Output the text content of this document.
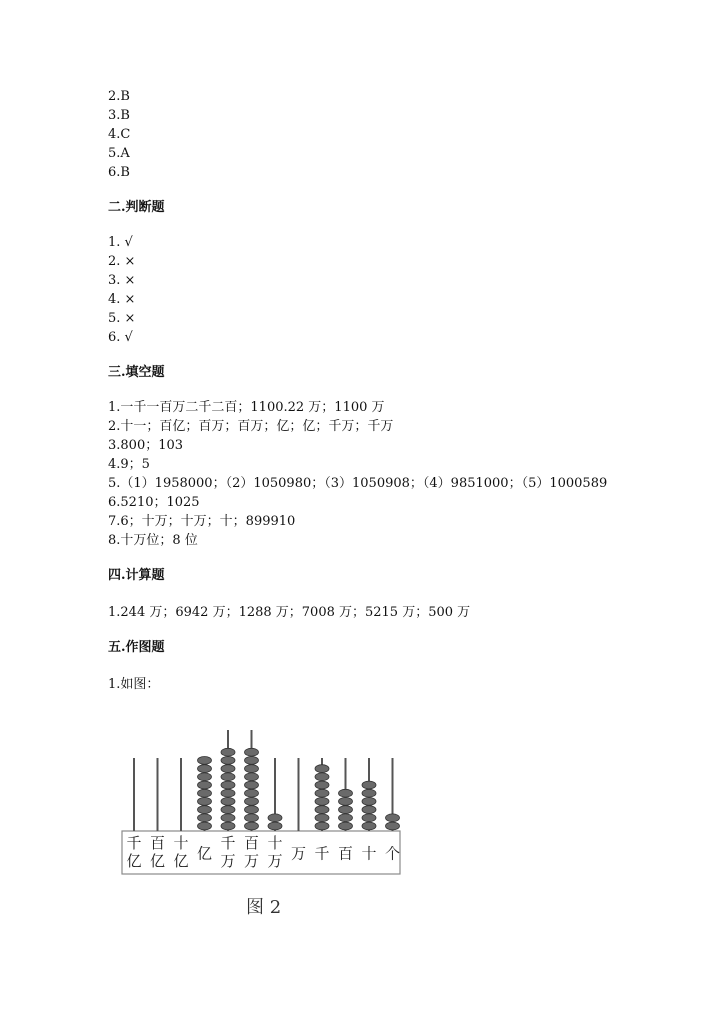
2.B
3.B
4.C
5.A
6.B
二.判断题
1. √
2. ×
3. ×
4. ×
5. ×
6. √
三.填空题
1.一千一百万二千二百；1100.22 万；1100 万
2.十一；百亿；百万；百万；亿；亿；千万；千万
3.800；103
4.9；5
5.（1）1958000；（2）1050980；（3）1050908；（4）9851000；（5）1000589
6.5210；1025
7.6；十万；十万；十；899910
8.十万位；8 位
四.计算题
1.244 万；6942 万；1288 万；7008 万；5215 万；500 万
五.作图题
1.如图：
千
亿
百
亿
十
亿 亿
千
万
百
万
十
万 万 千 百 十 个
图 2
